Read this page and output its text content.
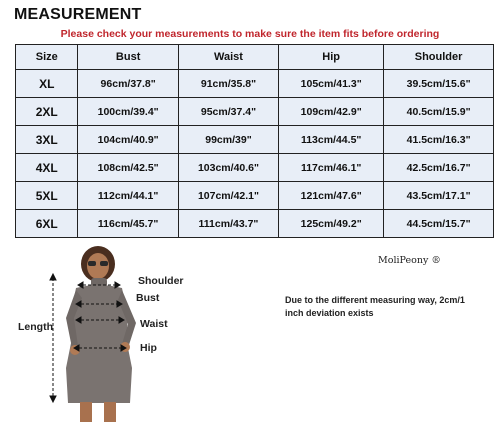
MEASUREMENT
Please check your measurements to make sure the item fits before ordering
Size	Bust	Waist	Hip	Shoulder
XL	96cm/37.8"	91cm/35.8"	105cm/41.3"	39.5cm/15.6"
2XL	100cm/39.4"	95cm/37.4"	109cm/42.9"	40.5cm/15.9"
3XL	104cm/40.9"	99cm/39"	113cm/44.5"	41.5cm/16.3"
4XL	108cm/42.5"	103cm/40.6"	117cm/46.1"	42.5cm/16.7"
5XL	112cm/44.1"	107cm/42.1"	121cm/47.6"	43.5cm/17.1"
6XL	116cm/45.7"	111cm/43.7"	125cm/49.2"	44.5cm/15.7"
Shoulder
Bust
Waist
Hip
Length
MoliPeony ®
Due to the different measuring way, 2cm/1 inch deviation exists
